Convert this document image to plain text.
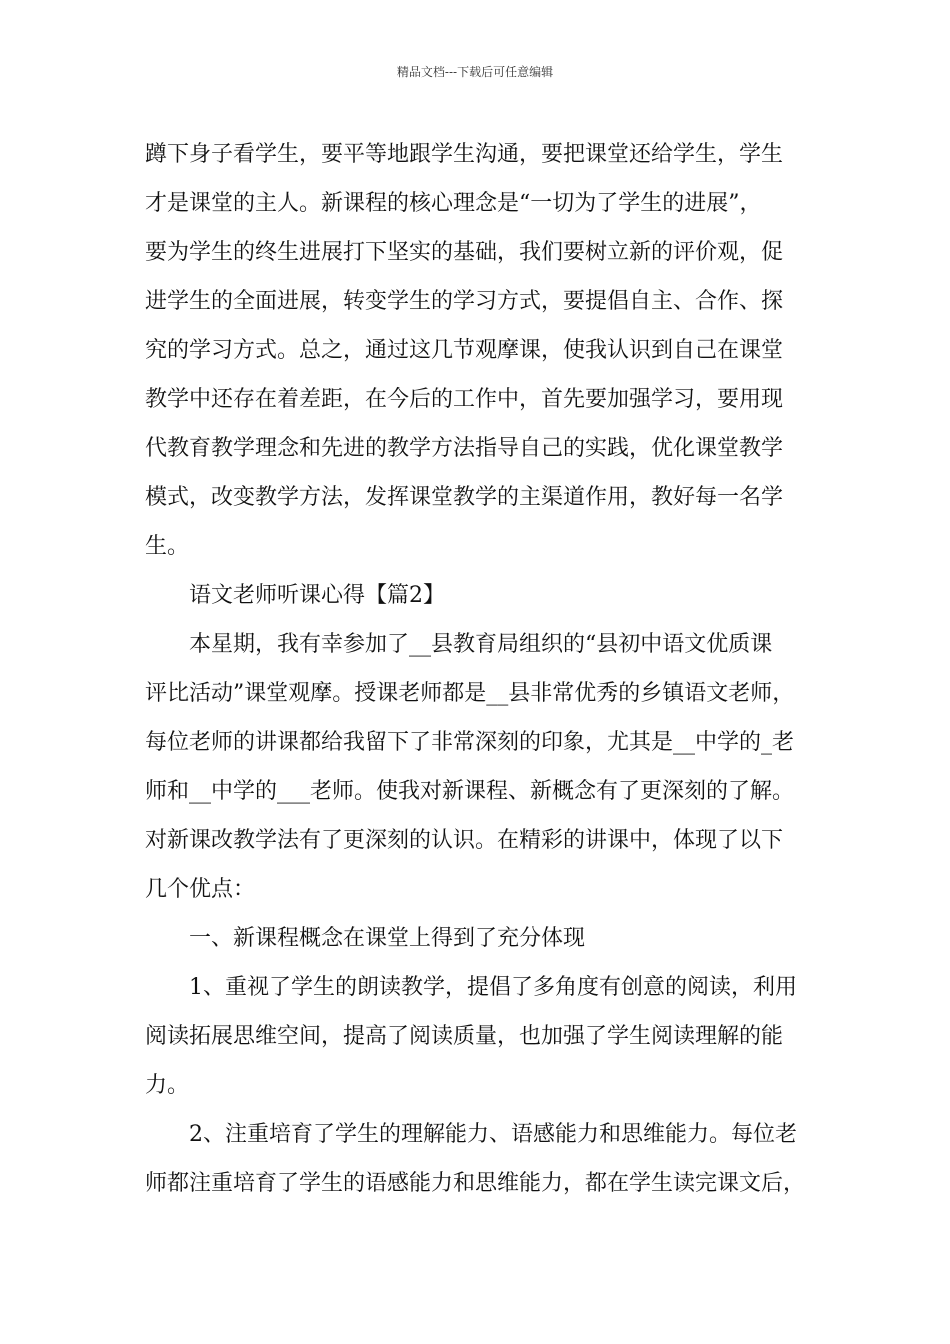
精品文档---下载后可任意编辑

蹲下身子看学生，要平等地跟学生沟通，要把课堂还给学生，学生

才是课堂的主人。新课程的核心理念是“一切为了学生的进展”，

要为学生的终生进展打下坚实的基础，我们要树立新的评价观，促

进学生的全面进展，转变学生的学习方式，要提倡自主、合作、探

究的学习方式。总之，通过这几节观摩课，使我认识到自己在课堂

教学中还存在着差距，在今后的工作中，首先要加强学习，要用现

代教育教学理念和先进的教学方法指导自己的实践，优化课堂教学

模式，改变教学方法，发挥课堂教学的主渠道作用，教好每一名学

生。

语文老师听课心得【篇2】

本星期，我有幸参加了__县教育局组织的“县初中语文优质课

评比活动”课堂观摩。授课老师都是__县非常优秀的乡镇语文老师，

每位老师的讲课都给我留下了非常深刻的印象，尤其是__中学的_老

师和__中学的___老师。使我对新课程、新概念有了更深刻的了解。

对新课改教学法有了更深刻的认识。在精彩的讲课中，体现了以下

几个优点：

一、新课程概念在课堂上得到了充分体现

1、重视了学生的朗读教学，提倡了多角度有创意的阅读，利用

阅读拓展思维空间，提高了阅读质量，也加强了学生阅读理解的能

力。

2、注重培育了学生的理解能力、语感能力和思维能力。每位老

师都注重培育了学生的语感能力和思维能力，都在学生读完课文后，
